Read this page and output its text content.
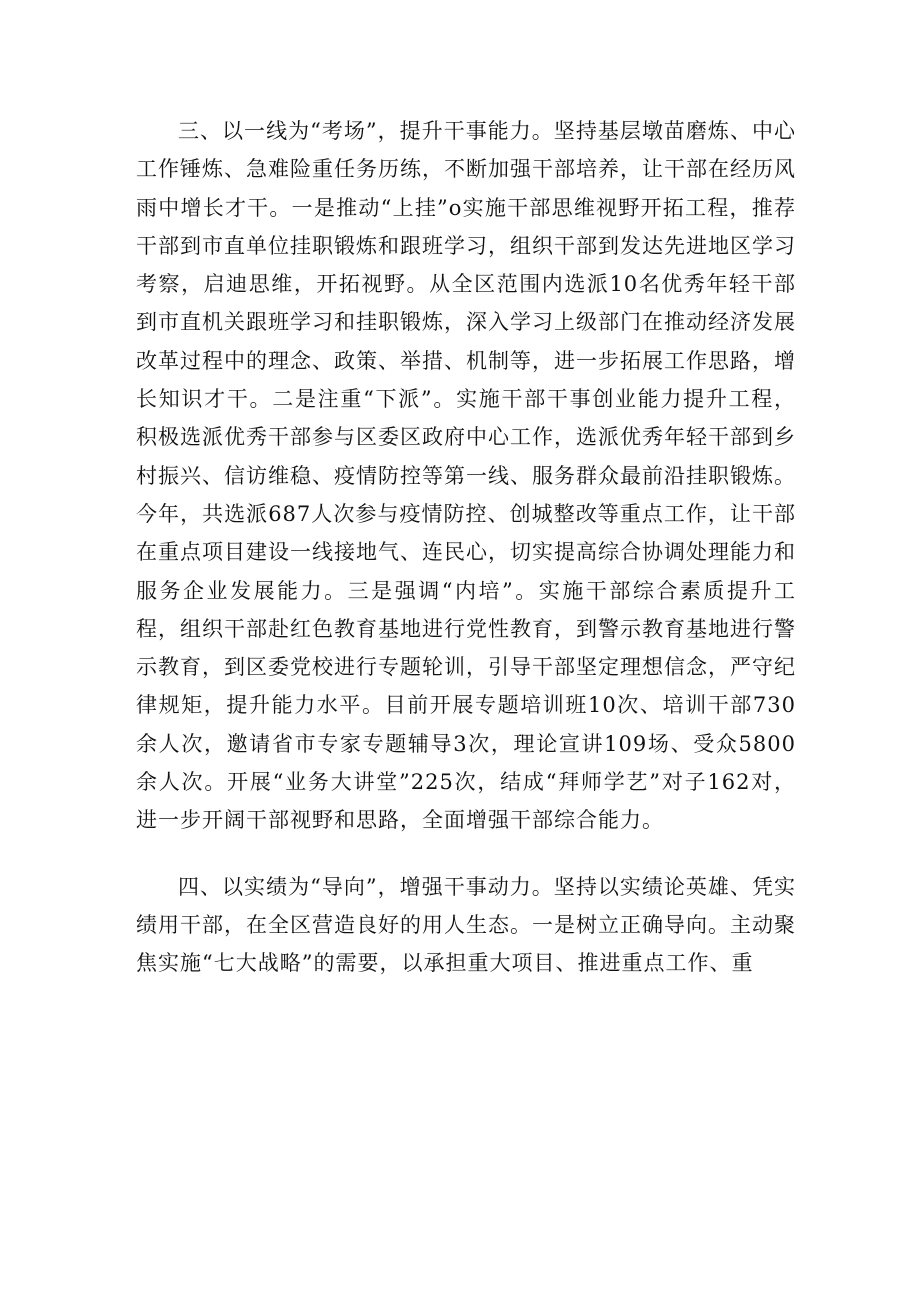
三、以一线为“考场”，提升干事能力。坚持基层墩苗磨炼、中心工作锤炼、急难险重任务历练，不断加强干部培养，让干部在经历风雨中增长才干。一是推动“上挂”o实施干部思维视野开拓工程，推荐干部到市直单位挂职锻炼和跟班学习，组织干部到发达先进地区学习考察，启迪思维，开拓视野。从全区范围内选派10名优秀年轻干部到市直机关跟班学习和挂职锻炼，深入学习上级部门在推动经济发展改革过程中的理念、政策、举措、机制等，进一步拓展工作思路，增长知识才干。二是注重“下派”。实施干部干事创业能力提升工程，积极选派优秀干部参与区委区政府中心工作，选派优秀年轻干部到乡村振兴、信访维稳、疫情防控等第一线、服务群众最前沿挂职锻炼。今年，共选派687人次参与疫情防控、创城整改等重点工作，让干部在重点项目建设一线接地气、连民心，切实提高综合协调处理能力和服务企业发展能力。三是强调“内培”。实施干部综合素质提升工程，组织干部赴红色教育基地进行党性教育，到警示教育基地进行警示教育，到区委党校进行专题轮训，引导干部坚定理想信念，严守纪律规矩，提升能力水平。目前开展专题培训班10次、培训干部730余人次，邀请省市专家专题辅导3次，理论宣讲109场、受众5800余人次。开展“业务大讲堂”225次，结成“拜师学艺”对子162对，进一步开阔干部视野和思路，全面增强干部综合能力。

四、以实绩为“导向”，增强干事动力。坚持以实绩论英雄、凭实绩用干部，在全区营造良好的用人生态。一是树立正确导向。主动聚焦实施“七大战略”的需要，以承担重大项目、推进重点工作、重
